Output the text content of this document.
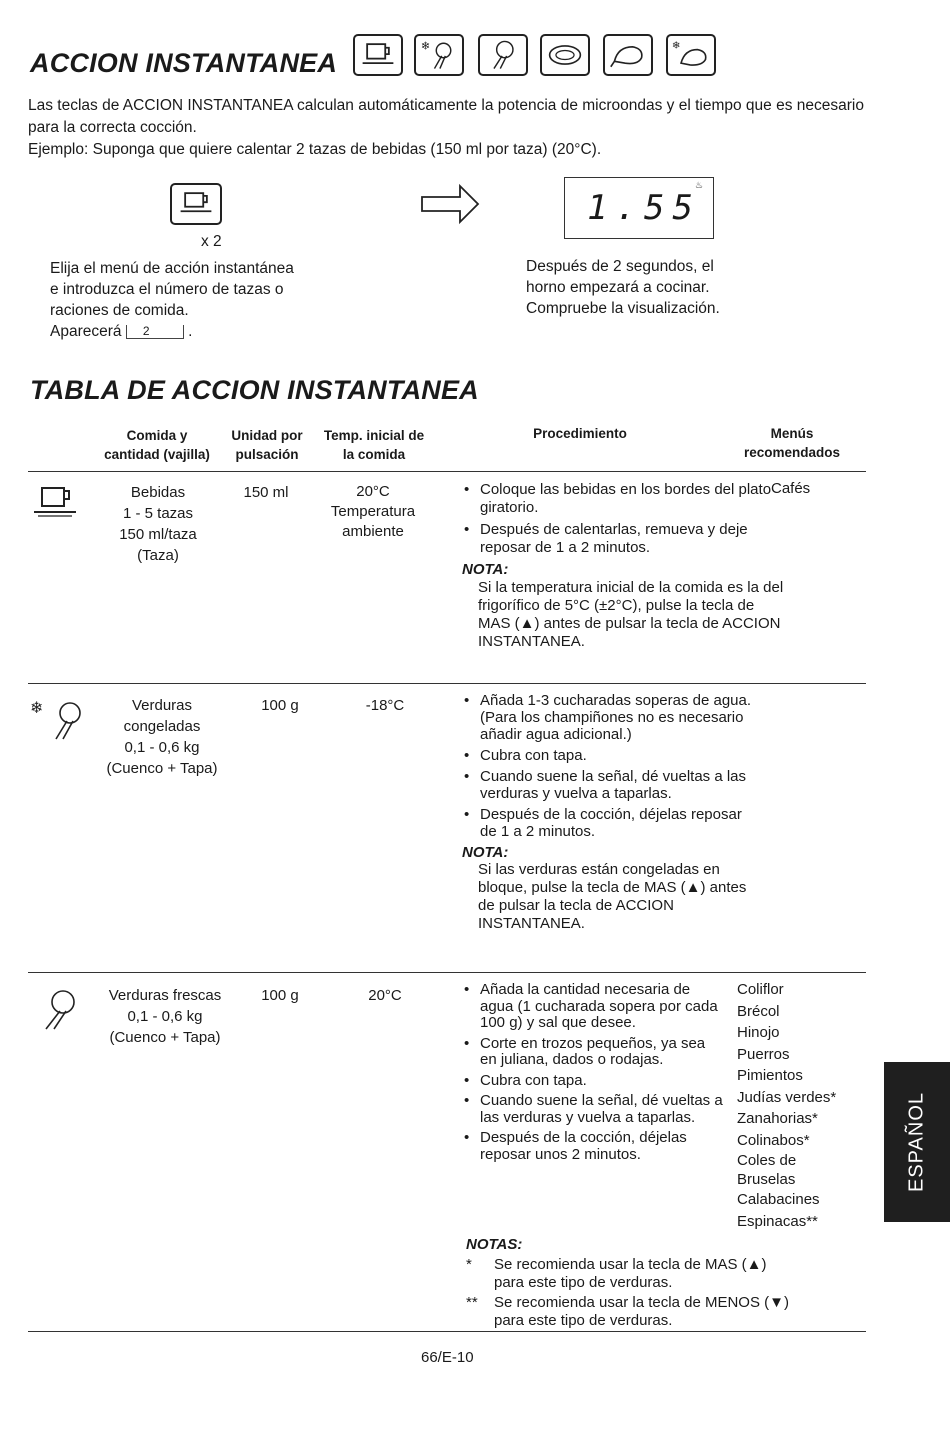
ACCION INSTANTANEA
❄	❄

Las teclas de ACCION INSTANTANEA calculan automáticamente la potencia de microondas y el tiempo que es necesario para la correcta cocción.

Ejemplo: Suponga que quiere calentar 2 tazas de bebidas (150 ml por taza) (20°C).

x 2
Elija el menú de acción instantánea
e introduzca el número de tazas o
raciones de comida.
Aparecerá 2 .
1.55
♨
Después de 2 segundos, el
horno empezará a cocinar.
Compruebe la visualización.
TABLA DE ACCION INSTANTANEA
Comida y
cantidad (vajilla)
Unidad por
pulsación
Temp. inicial de
la comida
Procedimiento	Menús
recomendados
Bebidas
1 - 5 tazas
150 ml/taza
(Taza)
150 ml	20°C
Temperatura
ambiente
• Coloque las bebidas en los bordes del plato giratorio.
• Después de calentarlas, remueva y deje reposar de 1 a 2 minutos.
NOTA:
Si la temperatura inicial de la comida es la del frigorífico de 5°C (±2°C), pulse la tecla de MAS (▲) antes de pulsar la tecla de ACCION INSTANTANEA.
Cafés
❄	Verduras
congeladas
0,1 - 0,6 kg
(Cuenco + Tapa)
100 g	-18°C	• Añada 1-3 cucharadas soperas de agua. (Para los champiñones no es necesario añadir agua adicional.)
• Cubra con tapa.
• Cuando suene la señal, dé vueltas a las verduras y vuelva a taparlas.
• Después de la cocción, déjelas reposar de 1 a 2 minutos.
NOTA:
Si las verduras están congeladas en bloque, pulse la tecla de MAS (▲) antes de pulsar la tecla de ACCION INSTANTANEA.
Verduras frescas
0,1 - 0,6 kg
(Cuenco + Tapa)
100 g	20°C	• Añada la cantidad necesaria de agua (1 cucharada sopera por cada 100 g) y sal que desee.
• Corte en trozos pequeños, ya sea en juliana, dados o rodajas.
• Cubra con tapa.
• Cuando suene la señal, dé vueltas a las verduras y vuelva a taparlas.
• Después de la cocción, déjelas reposar unos 2 minutos.
Coliflor
Brécol
Hinojo
Puerros
Pimientos
Judías verdes*
Zanahorias*
Colinabos*
Coles de
Bruselas
Calabacines
Espinacas**
NOTAS:
* Se recomienda usar la tecla de MAS (▲) para este tipo de verduras.
** Se recomienda usar la tecla de MENOS (▼) para este tipo de verduras.
66/E-10
ESPAÑOL
